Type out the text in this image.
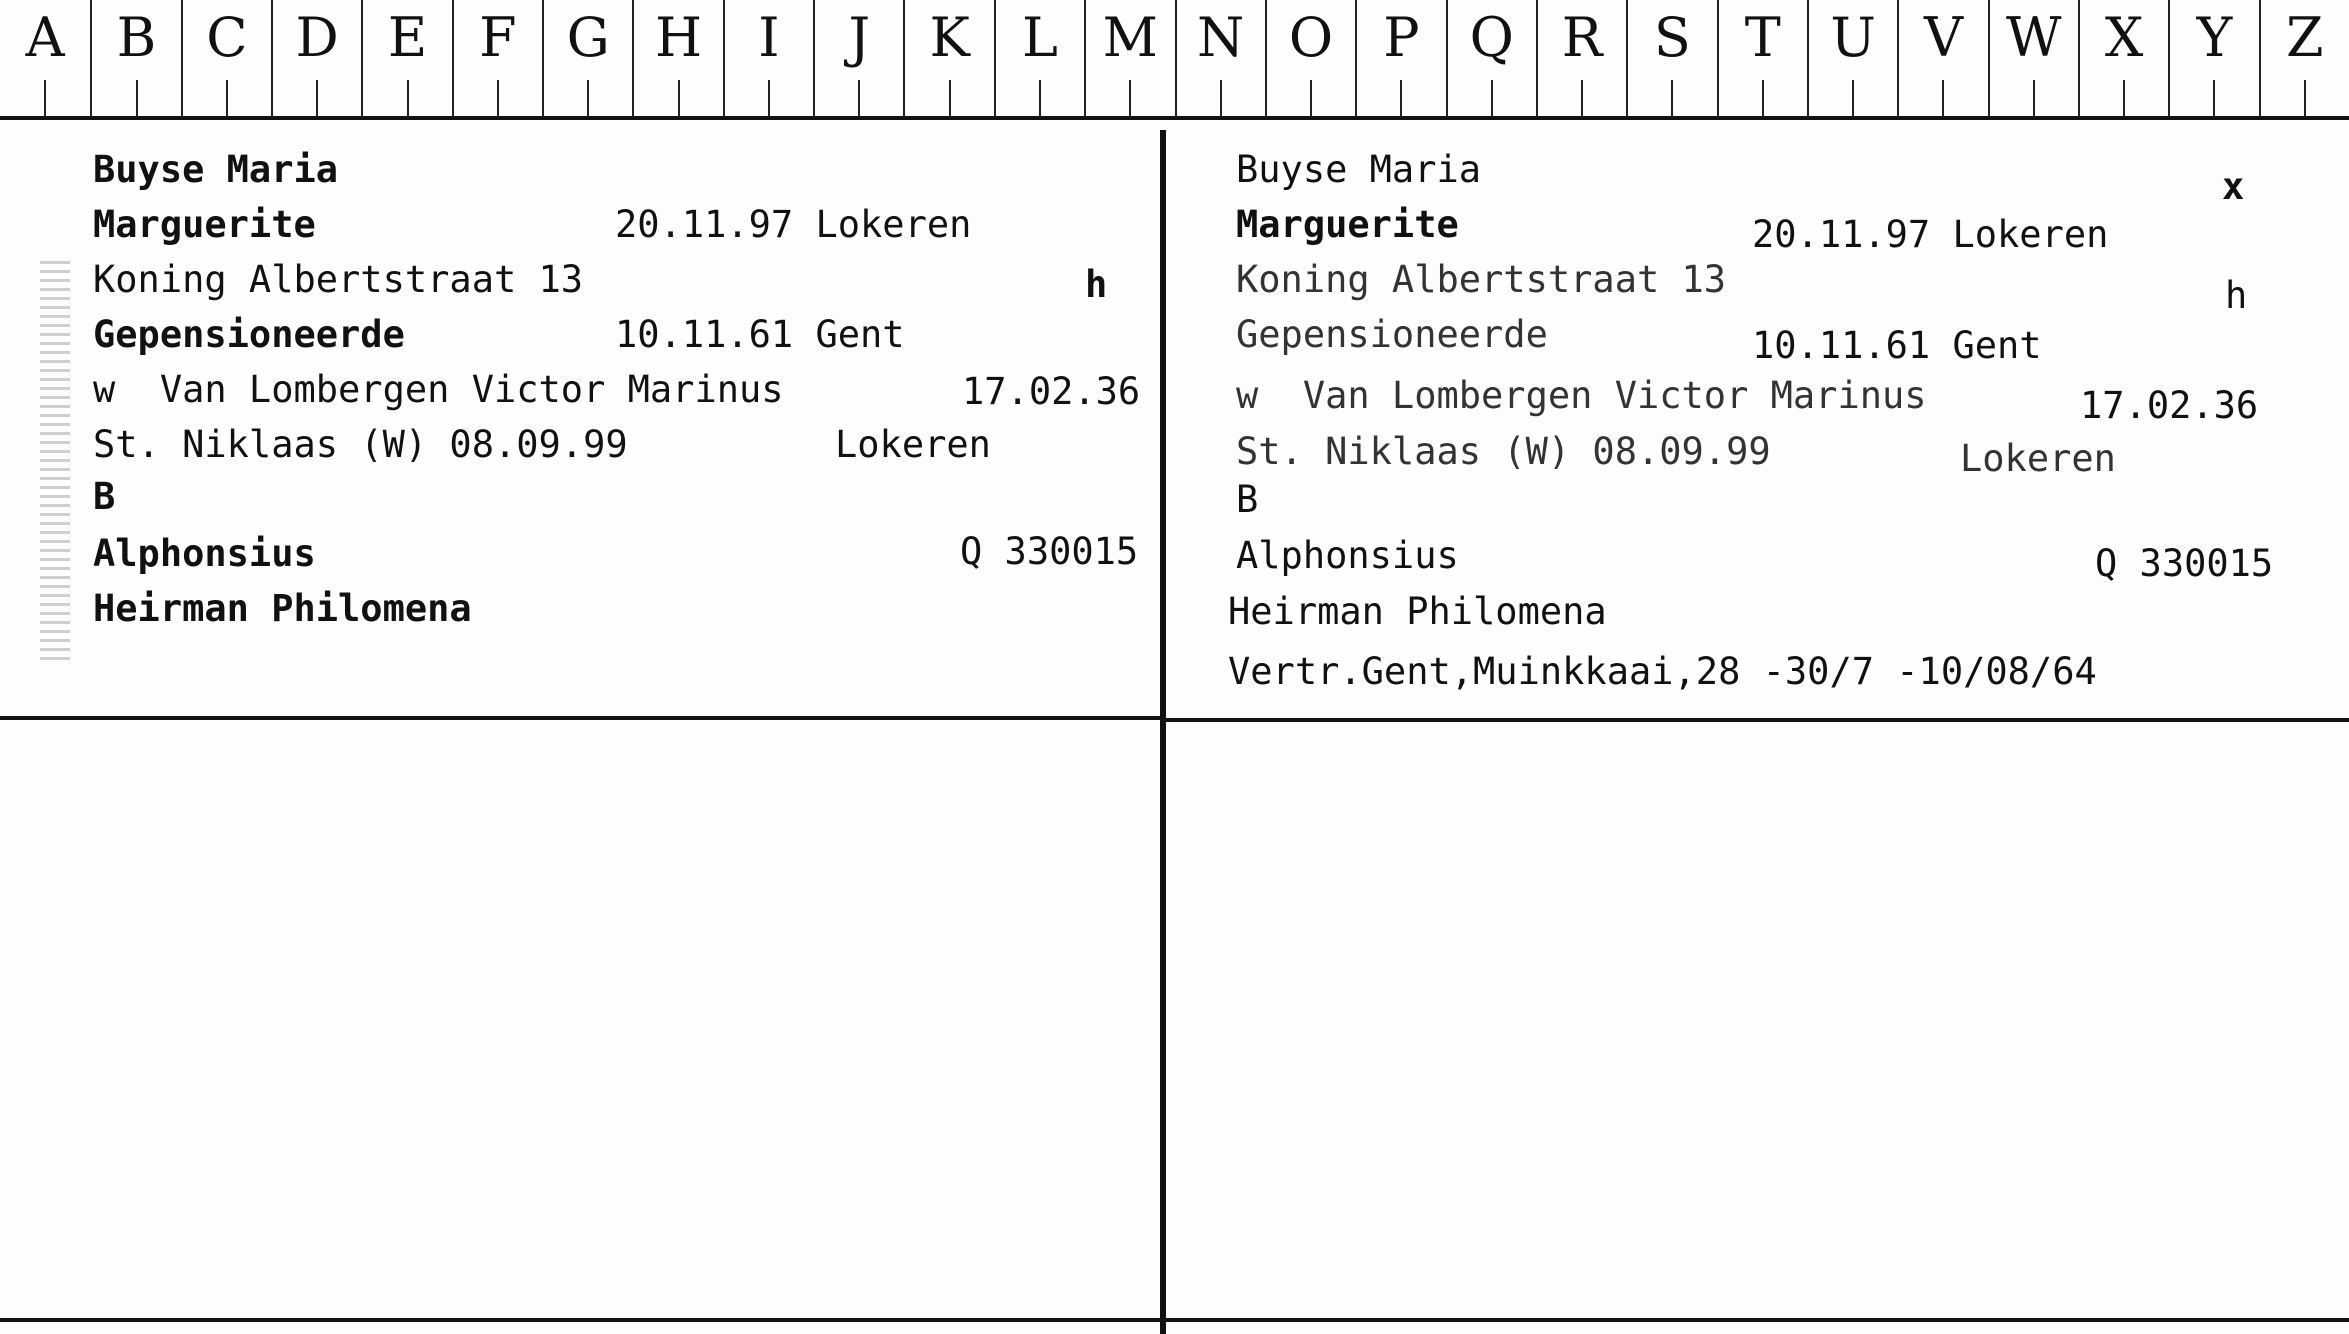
A B C D E F G H	I	J	K L M N O P Q R S T U V W X Y Z
Buyse Maria
Marguerite	20.11.97 Lokeren
Koning Albertstraat 13	h
Gepensioneerde	10.11.61 Gent
w  Van Lombergen Victor Marinus	17.02.36
St. Niklaas (W) 08.09.99	Lokeren
B
Alphonsius	Q 330015
Heirman Philomena
Buyse Maria	x
Marguerite	20.11.97 Lokeren
Koning Albertstraat 13	h
Gepensioneerde	10.11.61 Gent
w  Van Lombergen Victor Marinus	17.02.36
St. Niklaas (W) 08.09.99	Lokeren
B
Alphonsius	Q 330015
Heirman Philomena
Vertr.Gent,Muinkkaai,28 -30/7 -10/08/64
